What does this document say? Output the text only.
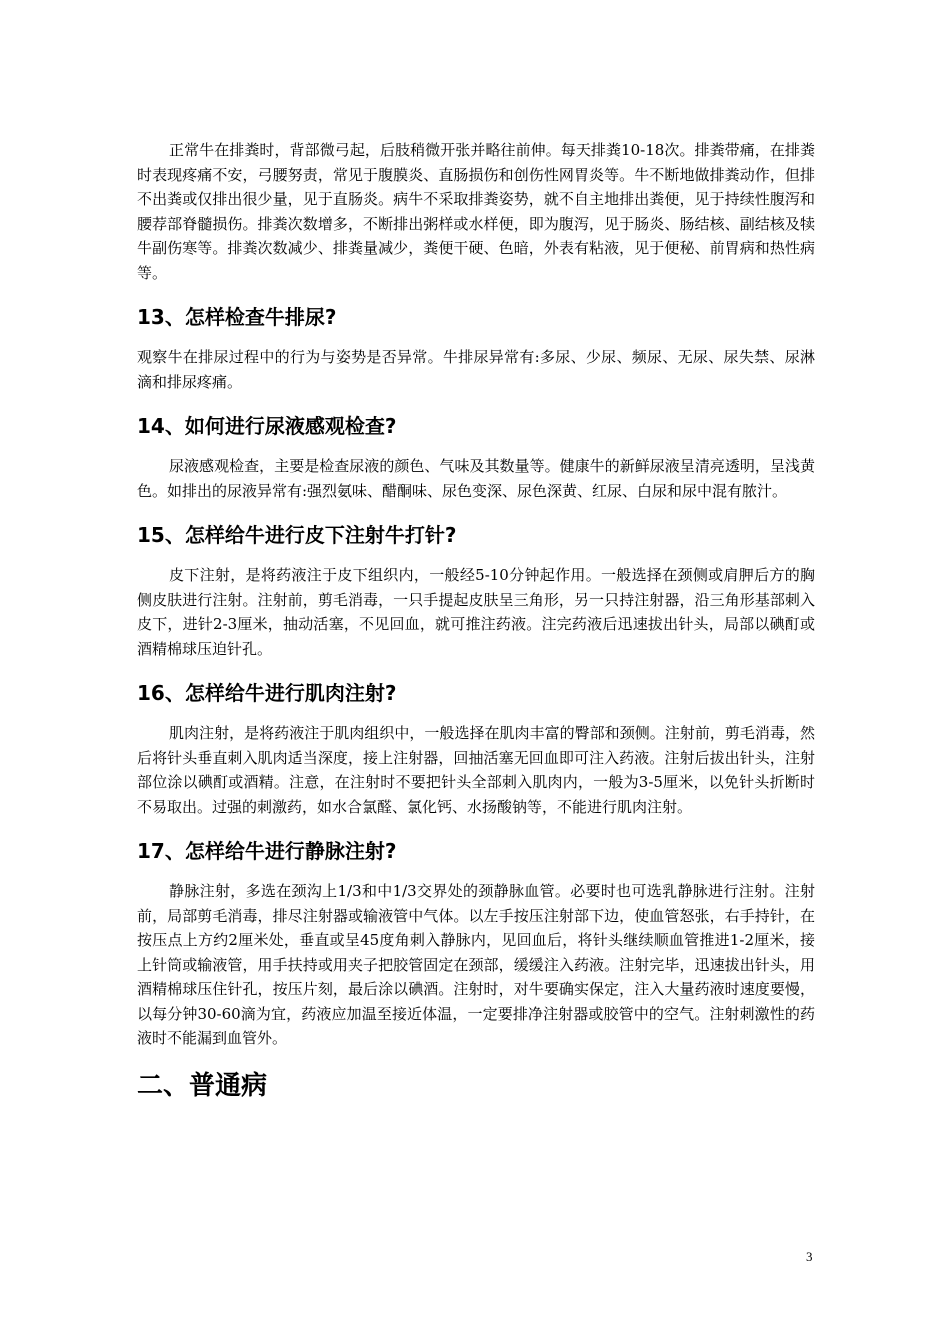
正常牛在排粪时，背部微弓起，后肢稍微开张并略往前伸。每天排粪10-18次。排粪带痛，在排粪时表现疼痛不安，弓腰努责，常见于腹膜炎、直肠损伤和创伤性网胃炎等。牛不断地做排粪动作，但排不出粪或仅排出很少量，见于直肠炎。病牛不采取排粪姿势，就不自主地排出粪便，见于持续性腹泻和腰荐部脊髓损伤。排粪次数增多，不断排出粥样或水样便，即为腹泻，见于肠炎、肠结核、副结核及犊牛副伤寒等。排粪次数减少、排粪量减少，粪便干硬、色暗，外表有粘液，见于便秘、前胃病和热性病等。

13、怎样检查牛排尿?

观察牛在排尿过程中的行为与姿势是否异常。牛排尿异常有:多尿、少尿、频尿、无尿、尿失禁、尿淋滴和排尿疼痛。

14、如何进行尿液感观检查?

尿液感观检查，主要是检查尿液的颜色、气味及其数量等。健康牛的新鲜尿液呈清亮透明，呈浅黄色。如排出的尿液异常有:强烈氨味、醋酮味、尿色变深、尿色深黄、红尿、白尿和尿中混有脓汁。

15、怎样给牛进行皮下注射牛打针?

皮下注射，是将药液注于皮下组织内，一般经5-10分钟起作用。一般选择在颈侧或肩胛后方的胸侧皮肤进行注射。注射前，剪毛消毒，一只手提起皮肤呈三角形，另一只持注射器，沿三角形基部刺入皮下，进针2-3厘米，抽动活塞，不见回血，就可推注药液。注完药液后迅速拔出针头，局部以碘酊或酒精棉球压迫针孔。

16、怎样给牛进行肌肉注射?

肌肉注射，是将药液注于肌肉组织中，一般选择在肌肉丰富的臀部和颈侧。注射前，剪毛消毒，然后将针头垂直刺入肌肉适当深度，接上注射器，回抽活塞无回血即可注入药液。注射后拔出针头，注射部位涂以碘酊或酒精。注意，在注射时不要把针头全部刺入肌肉内，一般为3-5厘米，以免针头折断时不易取出。过强的刺激药，如水合氯醛、氯化钙、水扬酸钠等，不能进行肌肉注射。

17、怎样给牛进行静脉注射?

静脉注射，多选在颈沟上1/3和中1/3交界处的颈静脉血管。必要时也可选乳静脉进行注射。注射前，局部剪毛消毒，排尽注射器或输液管中气体。以左手按压注射部下边，使血管怒张，右手持针，在按压点上方约2厘米处，垂直或呈45度角刺入静脉内，见回血后，将针头继续顺血管推进1-2厘米，接上针筒或输液管，用手扶持或用夹子把胶管固定在颈部，缓缓注入药液。注射完毕，迅速拔出针头，用酒精棉球压住针孔，按压片刻，最后涂以碘酒。注射时，对牛要确实保定，注入大量药液时速度要慢，以每分钟30-60滴为宜，药液应加温至接近体温，一定要排净注射器或胶管中的空气。注射刺激性的药液时不能漏到血管外。

二、普通病
3
